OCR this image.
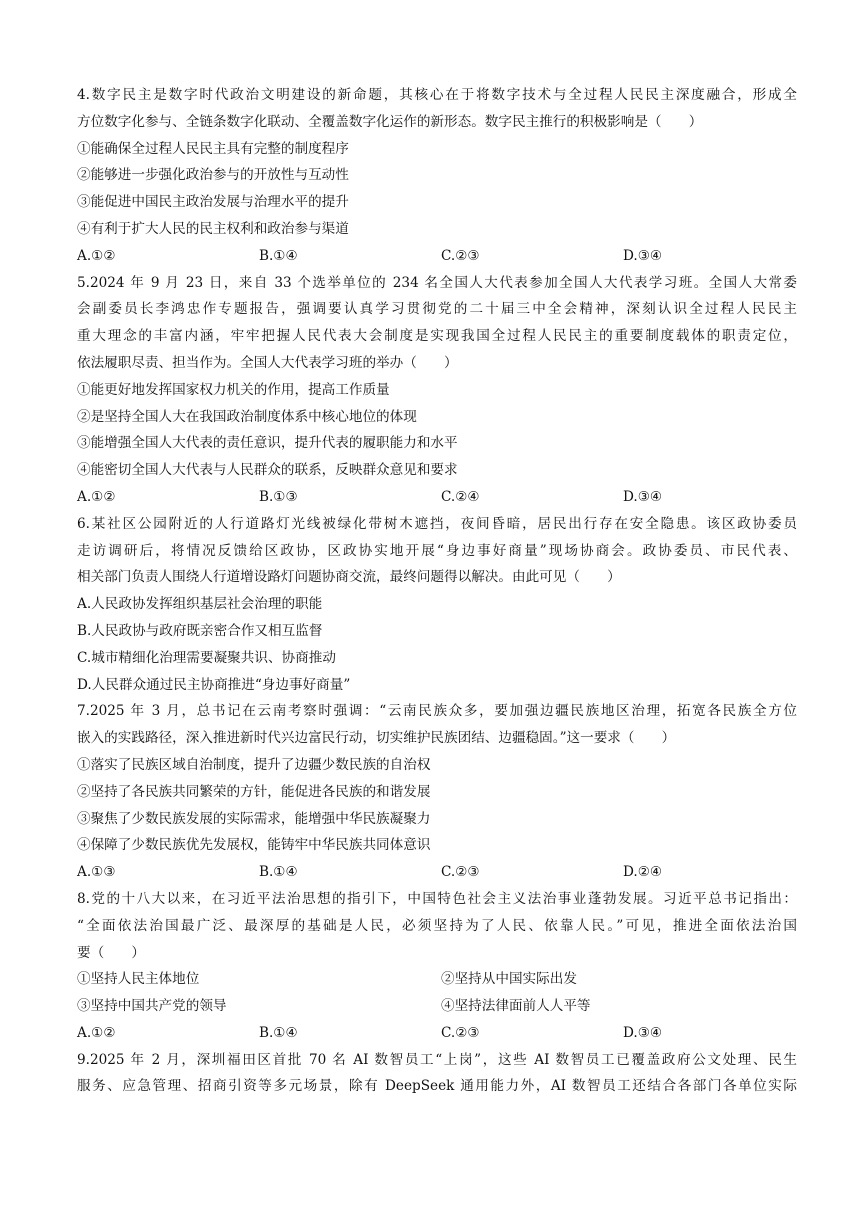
4.数字民主是数字时代政治文明建设的新命题，其核心在于将数字技术与全过程人民民主深度融合，形成全
方位数字化参与、全链条数字化联动、全覆盖数字化运作的新形态。数字民主推行的积极影响是（　　）
①能确保全过程人民民主具有完整的制度程序
②能够进一步强化政治参与的开放性与互动性
③能促进中国民主政治发展与治理水平的提升
④有利于扩大人民的民主权利和政治参与渠道
A.①②	B.①④	C.②③	D.③④
5.2024 年 9 月 23 日，来自 33 个选举单位的 234 名全国人大代表参加全国人大代表学习班。全国人大常委
会副委员长李鸿忠作专题报告，强调要认真学习贯彻党的二十届三中全会精神，深刻认识全过程人民民主
重大理念的丰富内涵，牢牢把握人民代表大会制度是实现我国全过程人民民主的重要制度载体的职责定位，
依法履职尽责、担当作为。全国人大代表学习班的举办（　　）
①能更好地发挥国家权力机关的作用，提高工作质量
②是坚持全国人大在我国政治制度体系中核心地位的体现
③能增强全国人大代表的责任意识，提升代表的履职能力和水平
④能密切全国人大代表与人民群众的联系，反映群众意见和要求
A.①②	B.①③	C.②④	D.③④
6.某社区公园附近的人行道路灯光线被绿化带树木遮挡，夜间昏暗，居民出行存在安全隐患。该区政协委员
走访调研后，将情况反馈给区政协，区政协实地开展“身边事好商量”现场协商会。政协委员、市民代表、
相关部门负责人围绕人行道增设路灯问题协商交流，最终问题得以解决。由此可见（　　）
A.人民政协发挥组织基层社会治理的职能
B.人民政协与政府既亲密合作又相互监督
C.城市精细化治理需要凝聚共识、协商推动
D.人民群众通过民主协商推进“身边事好商量”
7.2025 年 3 月，总书记在云南考察时强调：“云南民族众多，要加强边疆民族地区治理，拓宽各民族全方位
嵌入的实践路径，深入推进新时代兴边富民行动，切实维护民族团结、边疆稳固。”这一要求（　　）
①落实了民族区域自治制度，提升了边疆少数民族的自治权
②坚持了各民族共同繁荣的方针，能促进各民族的和谐发展
③聚焦了少数民族发展的实际需求，能增强中华民族凝聚力
④保障了少数民族优先发展权，能铸牢中华民族共同体意识
A.①③	B.①④	C.②③	D.②④
8.党的十八大以来，在习近平法治思想的指引下，中国特色社会主义法治事业蓬勃发展。习近平总书记指出：
“全面依法治国最广泛、最深厚的基础是人民，必须坚持为了人民、依靠人民。”可见，推进全面依法治国
要（　　）
①坚持人民主体地位	②坚持从中国实际出发
③坚持中国共产党的领导	④坚持法律面前人人平等
A.①②	B.①④	C.②③	D.③④
9.2025 年 2 月，深圳福田区首批 70 名 AI 数智员工“上岗”，这些 AI 数智员工已覆盖政府公文处理、民生
服务、应急管理、招商引资等多元场景，除有 DeepSeek 通用能力外，AI 数智员工还结合各部门各单位实际
